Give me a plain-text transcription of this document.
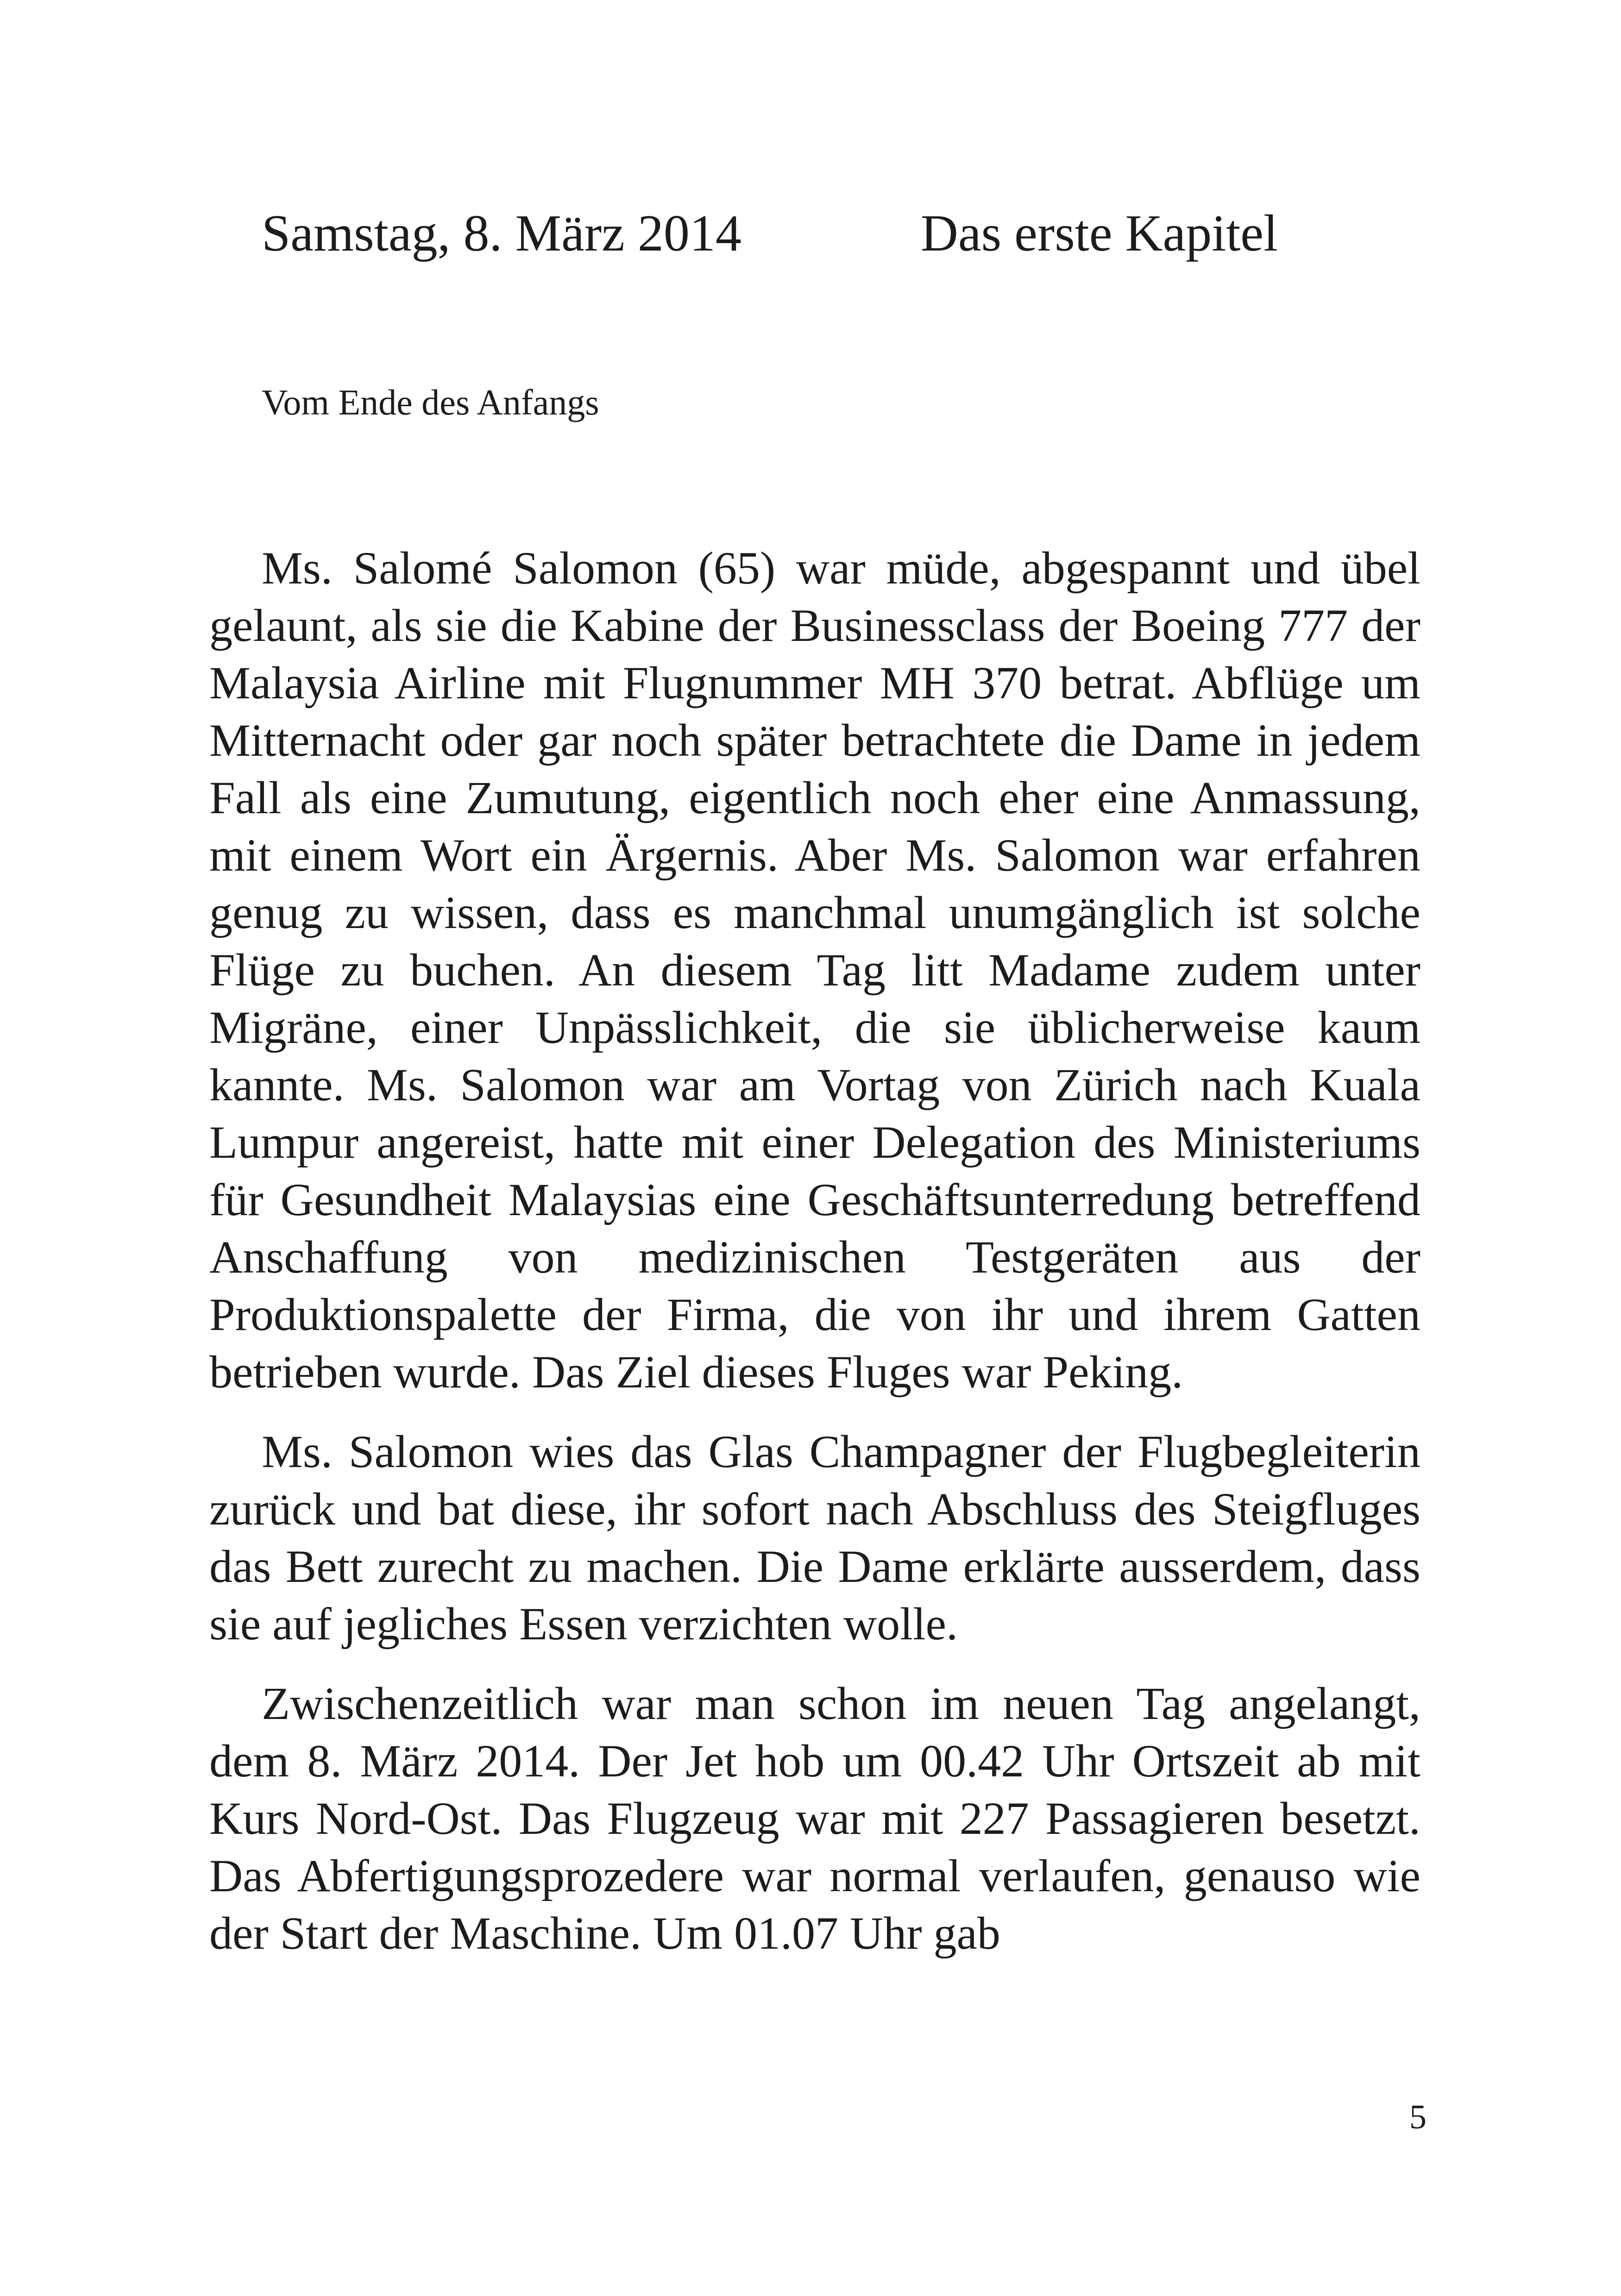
Samstag, 8. März 2014	Das erste Kapitel
Vom Ende des Anfangs

Ms. Salomé Salomon (65) war müde, abgespannt und übel gelaunt, als sie die Kabine der Businessclass der Boeing 777 der Malaysia Airline mit Flugnummer MH 370 betrat. Abflüge um Mitternacht oder gar noch später betrachtete die Dame in jedem Fall als eine Zumutung, eigentlich noch eher eine Anmassung, mit einem Wort ein Ärgernis. Aber Ms. Salomon war erfahren genug zu wissen, dass es manchmal unumgänglich ist solche Flüge zu buchen. An diesem Tag litt Madame zudem unter Migräne, einer Unpässlichkeit, die sie üblicherweise kaum kannte. Ms. Salomon war am Vortag von Zürich nach Kuala Lumpur angereist, hatte mit einer Delegation des Ministeriums für Gesundheit Malaysias eine Geschäftsunterredung betreffend Anschaffung von medizinischen Testgeräten aus der Produktionspalette der Firma, die von ihr und ihrem Gatten betrieben wurde. Das Ziel dieses Fluges war Peking.

Ms. Salomon wies das Glas Champagner der Flugbegleiterin zurück und bat diese, ihr sofort nach Abschluss des Steigfluges das Bett zurecht zu machen. Die Dame erklärte ausserdem, dass sie auf jegliches Essen verzichten wolle.

Zwischenzeitlich war man schon im neuen Tag angelangt, dem 8. März 2014. Der Jet hob um 00.42 Uhr Ortszeit ab mit Kurs Nord-Ost. Das Flugzeug war mit 227 Passagieren besetzt. Das Abfertigungsprozedere war normal verlaufen, genauso wie der Start der Maschine. Um 01.07 Uhr gab

5
